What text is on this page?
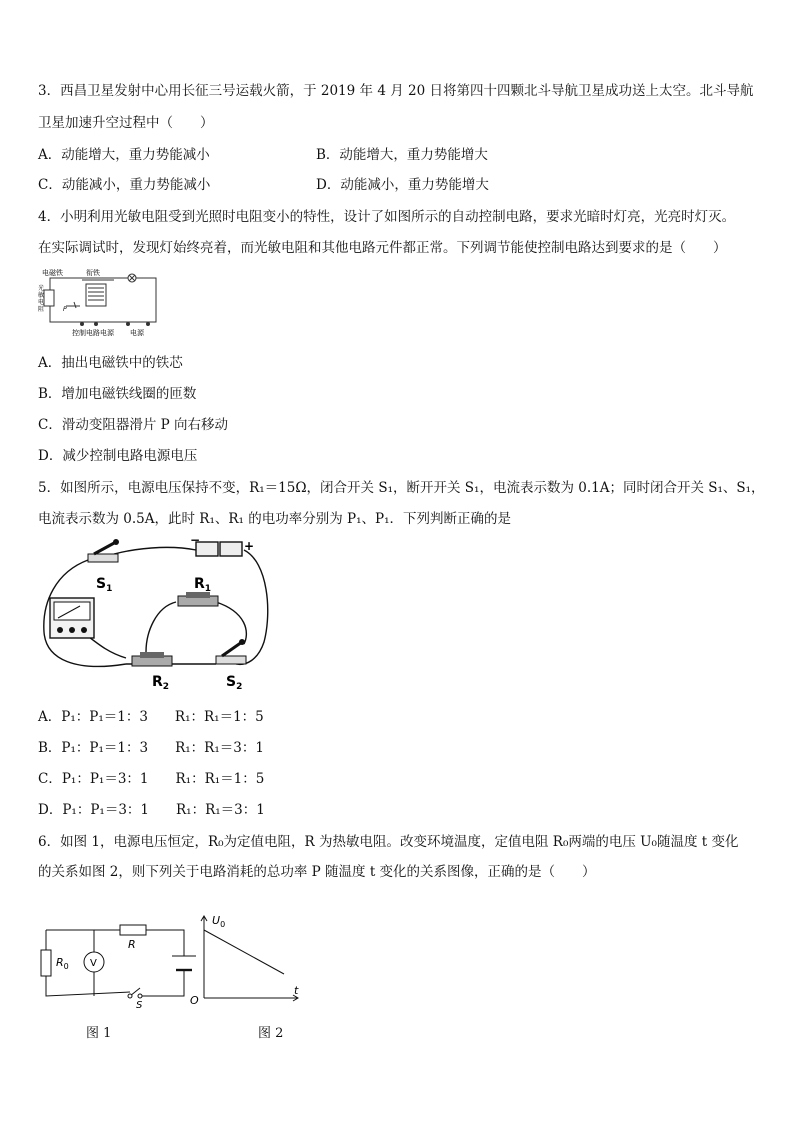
3．西昌卫星发射中心用长征三号运载火箭，于 2019 年 4 月 20 日将第四十四颗北斗导航卫星成功送上太空。北斗导航
卫星加速升空过程中（　　）
A．动能增大，重力势能减小	B．动能增大，重力势能增大
C．动能减小，重力势能减小	D．动能减小，重力势能增大
4．小明利用光敏电阻受到光照时电阻变小的特性，设计了如图所示的自动控制电路，要求光暗时灯亮，光亮时灯灭。
在实际调试时，发现灯始终亮着，而光敏电阻和其他电路元件都正常。下列调节能使控制电路达到要求的是（　　）
电磁铁	衔铁
光
敏
电
阻	P
控制电路电源 电源
A．抽出电磁铁中的铁芯
B．增加电磁铁线圈的匝数
C．滑动变阻器滑片 P 向右移动
D．减少控制电路电源电压
5．如图所示，电源电压保持不变，R₁＝15Ω，闭合开关 S₁，断开开关 S₁，电流表示数为 0.1A；同时闭合开关 S₁、S₁，
电流表示数为 0.5A，此时 R₁、R₁ 的电功率分别为 P₁、P₁．下列判断正确的是
−	+
$S_1$	$R_1$
$R_2$	$S_2$
A．P₁：P₁＝1：3　　R₁：R₁＝1：5
B．P₁：P₁＝1：3　　R₁：R₁＝3：1
C．P₁：P₁＝3：1　　R₁：R₁＝1：5
D．P₁：P₁＝3：1　　R₁：R₁＝3：1
6．如图 1，电源电压恒定，R₀为定值电阻，R 为热敏电阻。改变环境温度，定值电阻 R₀两端的电压 U₀随温度 t 变化
的关系如图 2，则下列关于电路消耗的总功率 P 随温度 t 变化的关系图像，正确的是（　　）
$R_0$
R
V
S
图 1
$U_0$
O
t
图 2
